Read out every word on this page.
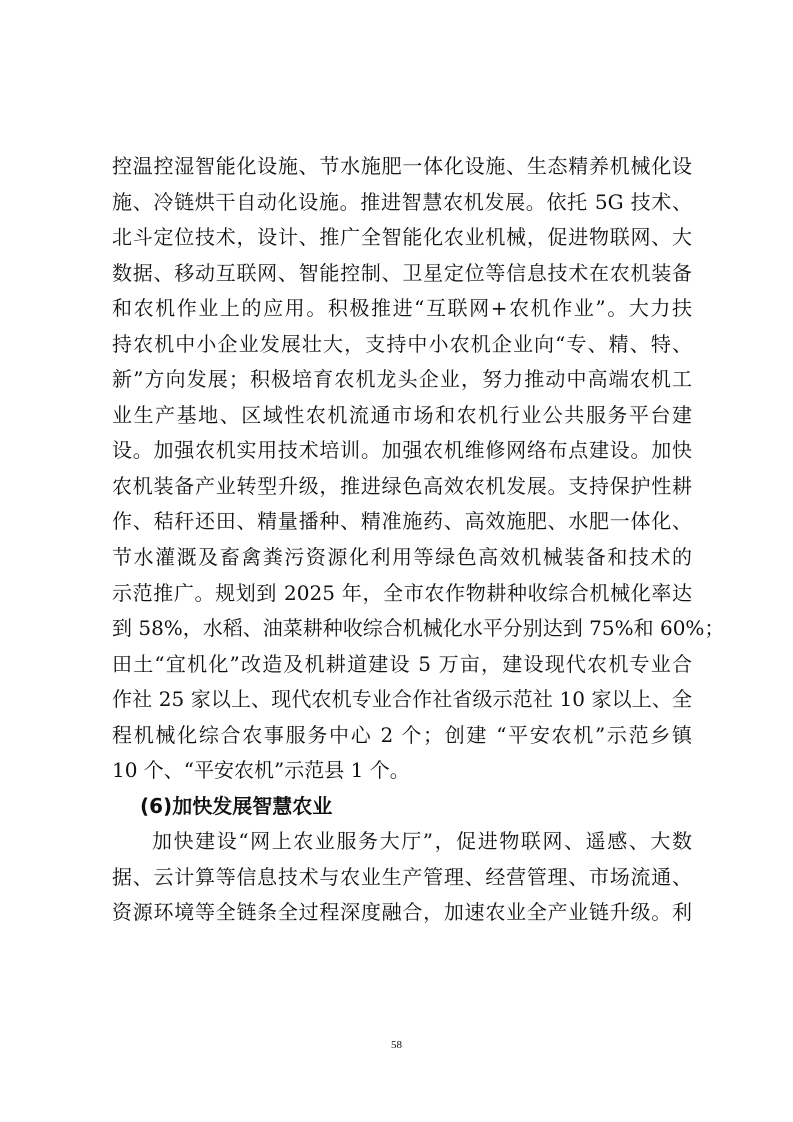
控温控湿智能化设施、节水施肥一体化设施、生态精养机械化设
施、冷链烘干自动化设施。推进智慧农机发展。依托 5G 技术、
北斗定位技术，设计、推广全智能化农业机械，促进物联网、大
数据、移动互联网、智能控制、卫星定位等信息技术在农机装备
和农机作业上的应用。积极推进“互联网+农机作业”。大力扶
持农机中小企业发展壮大，支持中小农机企业向“专、精、特、
新”方向发展；积极培育农机龙头企业，努力推动中高端农机工
业生产基地、区域性农机流通市场和农机行业公共服务平台建
设。加强农机实用技术培训。加强农机维修网络布点建设。加快
农机装备产业转型升级，推进绿色高效农机发展。支持保护性耕
作、秸秆还田、精量播种、精准施药、高效施肥、水肥一体化、
节水灌溉及畜禽粪污资源化利用等绿色高效机械装备和技术的
示范推广。规划到 2025 年，全市农作物耕种收综合机械化率达
到 58%，水稻、油菜耕种收综合机械化水平分别达到 75%和 60%；
田土“宜机化”改造及机耕道建设 5 万亩，建设现代农机专业合
作社 25 家以上、现代农机专业合作社省级示范社 10 家以上、全
程机械化综合农事服务中心 2 个；创建 “平安农机”示范乡镇
10 个、“平安农机”示范县 1 个。
(6)加快发展智慧农业
加快建设“网上农业服务大厅”，促进物联网、遥感、大数
据、云计算等信息技术与农业生产管理、经营管理、市场流通、
资源环境等全链条全过程深度融合，加速农业全产业链升级。利
58
